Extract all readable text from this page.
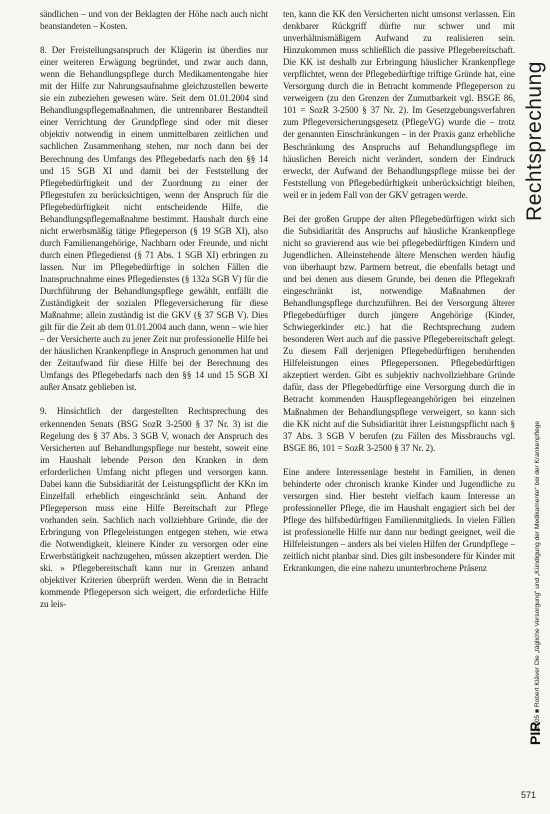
sändlichen – und von der Beklagten der Höhe nach auch nicht beanstandeten – Kosten.

8. Der Freistellungsanspruch der Klägerin ist überdies nur einer weiteren Erwägung begründet, und zwar auch dann, wenn die Behandlungspflege durch Medikamentengabe hier mit der Hilfe zur Nahrungsaufnahme gleichzustellen bewerte sie ein zubeziehen gewesen wäre. Seit dem 01.01.2004 sind Behandlungspflegemaßnahmen, die untrennbarer Bestandteil einer Verrichtung der Grundpflege sind oder mit dieser objektiv notwendig in einem unmittelbaren zeitlichen und sachlichen Zusammenhang stehen, nur noch dann bei der Berechnung des Umfangs des Pflegebedarfs nach den §§ 14 und 15 SGB XI und damit bei der Feststellung der Pflegebedürftigkeit und der Zuordnung zu einer der Pflegestufen zu berücksichtigen, wenn der Anspruch für die Pflegebedürftigkeit nicht entscheidende Hilfe, die Behandlungspflegemaßnahme bestimmt. Haushalt durch eine nicht erwerbsmäßig tätige Pflegeperson (§ 19 SGB XI), also durch Familienangehörige, Nachbarn oder Freunde, und nicht durch einen Pflegedienst (§ 71 Abs. 1 SGB XI) erbringen zu lassen. Nur im Pflegebedürftige in solchen Fällen die Inanspruchnahme eines Pflegedienstes (§ 132a SGB V) für die Durchführung der Behandlungspflege gewählt, entfällt die Zuständigkeit der sozialen Pflegeversicherung für diese Maßnahme; allein zuständig ist die GKV (§ 37 SGB V). Dies gilt für die Zeit ab dem 01.01.2004 auch dann, wenn – wie hier – der Versicherte auch zu jener Zeit nur professionelle Hilfe bei der häuslichen Krankenpflege in Anspruch genommen hat und der Zeitaufwand für diese Hilfe bei der Berechnung des Umfangs des Pflegebedarfs nach den §§ 14 und 15 SGB XI außer Ansatz geblieben ist.

9. Hinsichtlich der dargestellten Rechtsprechung des erkennenden Senats (BSG SozR 3-2500 § 37 Nr. 3) ist die Regelung des § 37 Abs. 3 SGB V, wonach der Anspruch des Versicherten auf Behandlungspflege nur besteht, soweit eine im Haushalt lebende Person den Kranken in dem erforderlichen Umfang nicht pflegen und versorgen kann. Dabei kann die Subsidiarität der Leistungspflicht der KKn im Einzelfall erheblich eingeschränkt sein. Anhand der Pflegeperson muss eine Hilfe Bereitschaft zur Pflege vorhanden sein. Sachlich nach vollziehbare Gründe, die der Erbringung von Pflegeleistungen entgegen stehen, wie etwa die Notwendigkeit, kleinere Kinder zu versorgen oder eine Erwerbstätigkeit nachzugehen, müssen akzeptiert werden. Die ski. » Pflegebereitschaft kann nur in Grenzen anhand objektiver Kriterien überprüft werden. Wenn die in Betracht kommende Pflegeperson sich weigert, die erforderliche Hilfe zu leis-

ten, kann die KK den Versicherten nicht umsonst verlassen. Ein denkbarer Rückgriff dürfte nur schwer und mit unverhältnismäßigem Aufwand zu realisieren sein. Hinzukommen muss schließlich die passive Pflegebereitschaft. Die KK ist deshalb zur Erbringung häuslicher Krankenpflege verpflichtet, wenn der Pflegebedürftige triftige Gründe hat, eine Versorgung durch die in Betracht kommende Pflegeperson zu verweigern (zu den Grenzen der Zumutbarkeit vgl. BSGE 86, 101 = SozR 3-2500 § 37 Nr. 2). Im Gesetzgebungsverfahren zum Pflegeversicherungsgesetz (PflegeVG) wurde die – trotz der genannten Einschränkungen – in der Praxis ganz erhebliche Beschränkung des Anspruchs auf Behandlungspflege im häuslichen Bereich nicht verändert, sondern der Eindruck erweckt, der Aufwand der Behandlungspflege müsse bei der Feststellung von Pflegebedürftigkeit unberücksichtigt bleiben, weil er in jedem Fall von der GKV getragen werde.

Bei der großen Gruppe der alten Pflegebedürftigen wirkt sich die Subsidiarität des Anspruchs auf häusliche Krankenpflege nicht so gravierend aus wie bei pflegebedürftigen Kindern und Jugendlichen. Alleinstehende ältere Menschen werden häufig von überhaupt bzw. Partnern betreut, die ebenfalls betagt und und bei denen aus diesem Grunde, bei denen die Pflegekraft eingeschränkt ist, notwendige Maßnahmen der Behandlungspflege durchzuführen. Bei der Versorgung älterer Pflegebedürftiger durch jüngere Angehörige (Kinder, Schwiegerkinder etc.) hat die Rechtsprechung zudem besonderen Wert auch auf die passive Pflegebereitschaft gelegt. Zu diesem Fall derjenigen Pflegebedürftigen beruhenden Hilfeleistungen eines Pflegepersonen. Pflegebedürftigen akzeptiert werden. Gibt es subjektiv nachvollziehbare Gründe dafür, dass der Pflegebedürftige eine Versorgung durch die in Betracht kommenden Hauspflegeangehörigen bei einzelnen Maßnahmen der Behandlungspflege verweigert, so kann sich die KK nicht auf die Subsidiarität ihrer Leistungspflicht nach § 37 Abs. 3 SGB V berufen (zu Fällen des Missbrauchs vgl. BSGE 86, 101 = SozR 3-2500 § 37 Nr. 2).

Eine andere Interessenlage besteht in Familien, in denen behinderte oder chronisch kranke Kinder und Jugendliche zu versorgen sind. Hier besteht vielfach kaum Interesse an professioneller Pflege, die im Haushalt engagiert sich bei der Pflege des hilfsbedürftigen Familienmitglieds. In vielen Fällen ist professionelle Hilfe nur dann nur bedingt geeignet, weil die Hilfeleistungen – anders als bei vielen Hilfen der Grundpflege – zeitlich nicht planbar sind. Dies gilt insbesondere für Kinder mit Erkrankungen, die eine nahezu ununterbrochene Präsenz

Rechtsprechung
1/2005 ■ Robert Kläver Die „tägliche Versorgung“ und „Kündigung der Medikamente“ bei der Krankenpflege
PIR
571
